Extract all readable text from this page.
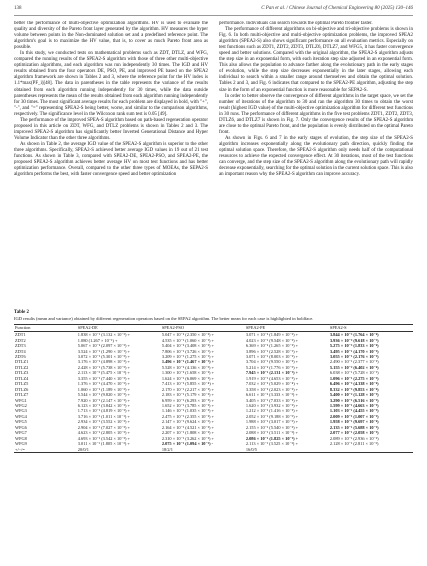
138	C Pan et al. / Chinese Journal of Chemical Engineering 80 (2025) 130–146

better the performance of multi-objective optimization algorithms. HV is used to evaluate the quality and diversity of the Pareto front layer generated by the algorithm. HV measures the hyper volume between points in the Non-dominated solution set and a predefined reference point. The algorithm's goal is to maximize the HV value, that is, to cover as much Pareto front area as possible.

In this study, we conducted tests on mathematical problems such as ZDT, DTLZ, and WFG, compared the running results of the SPEA2-S algorithm with those of three other multi-objective optimization algorithms, and each algorithm was run independently 30 times. The IGD and HV results obtained from the four operators DE, PSO, PE, and improved PE based on the SPEA2 algorithm framework are shown in Tables 2 and 3, where the reference point for the HV index is 1.1*max(PF_i)[48]. The data in parentheses in the table represents the variance of the results obtained from each algorithm running independently for 30 times, while the data outside parentheses represents the mean of the results obtained from each algorithm running independently for 30 times. The most significant average results for each problem are displayed in bold, with "+", "-", and "=" representing SPEA2-S being better, worse, and similar to the comparison algorithms, respectively. The significance level in the Wilcoxon rank sum test is 0.05 [49].

The performance of the improved SPEA-S algorithm based on path-based regeneration operator proposed in this article on ZDT, WFG, and DTLZ problems is shown in Tables 2 and 3. The improved SPEA2-S algorithm has significantly better Inverted Generational Distance and Hyper Volume Indicator than the other three algorithms.

As shown in Table 2, the average IGD value of the SPEA2-S algorithm is superior to the other three algorithms. Specifically, SPEA2-S achieved better average IGD values in 19 out of 21 test functions. As shown in Table 3, compared with SPEA2-DE, SPEA2-PSO, and SPEA2-PE, the proposed SPEA2-S algorithm achieves better average HV on most test functions and has better optimization performance. Overall, compared to the other three types of MOEAs, the SEPA2-S algorithm performs the best, with faster convergence speed and better optimization

performance. Individuals can search towards the optimal Pareto frontier faster.

The performance of different algorithms on bi-objective and tri-objective problems is shown in Fig. 6. In both multi-objective and multi-objective optimization problems, the improved SPEA2 algorithm (SPEA2-S) also shows significant performance on all evaluation metrics. Especially on test functions such as ZDT1, ZDT2, ZDT3, DTLZ6, DTLZ7, and WFG5, it has faster convergence speed and better solutions. Compared with the original algorithm, the SPEA2-S algorithm adjusts the step size in an exponential form, with each iteration step size adjusted in an exponential form. This also allows the population to advance farther along the evolutionary path in the early stages of evolution, while the step size decreases exponentially in the later stages, allowing each individual to search within a smaller range around themselves and obtain the optimal solution. Tables 2 and 3, and Fig. 6 indicates that compared to the SPEA2-PE algorithm, adjusting the step size in the form of an exponential function is more reasonable for SEPA2-S.

In order to better observe the convergence of different algorithms in the target space, we set the number of iterations of the algorithm to 30 and ran the algorithm 30 times to obtain the worst result (highest IGD value) of the multi-objective optimization algorithm for different test functions in 30 runs. The performance of different algorithms in the five test problems ZDT1, ZDT2, ZDT3, DTLZ6, and DTLZ7 is shown in Fig. 7. Only the convergence results of the SPEA2-S algorithm are close to the optimal Pareto front, and the population is evenly distributed on the optimal Pareto front.

As shown in Figs. 6 and 7 in the early stages of evolution, the step size of the SPEA2-S algorithm increases exponentially along the evolutionary path direction, quickly finding the optimal solution space. Therefore, the SPEA2-S algorithm only needs half of the computational resources to achieve the expected convergence effect. At 30 iterations, most of the test functions can converge, and the step size of the SPEA2-S algorithm along the evolutionary path will rapidly decrease exponentially, searching for the optimal solution in the current solution space. This is also an important reason why the SPEA2-S algorithm can improve accuracy.

Table 2
IGD results (mean and variance) obtained by different regeneration operators based on the SEPA2 algorithm. The better mean for each case is highlighted in boldface.
Function	SPEA2-DE	SPEA2-PSO	SPEA2-PE	SPEA2-S
ZDT1	1.838 × 10⁻¹ (3.132 × 10⁻²) +	5.047 × 10⁻² (2.350 × 10⁻²) +	3.071 × 10⁻² (1.849 × 10⁻²) +	3.844 × 10⁻³ (1.764 × 10⁻⁴)
ZDT2	1.080 (1.267 × 10⁻¹) +	4.535 × 10⁻¹ (1.060 × 10⁻¹) +	4.023 × 10⁻¹ (9.548 × 10⁻²) +	3.936 × 10⁻³ (9.618 × 10⁻⁵)
ZDT3	5.067 × 10⁻² (2.097 × 10⁻²) +	5.404 × 10⁻² (3.408 × 10⁻²) +	6.369 × 10⁻² (1.265 × 10⁻²) +	5.275 × 10⁻³ (1.833 × 10⁻⁴)
ZDT4	3.524 × 10⁻¹ (1.290 × 10⁻¹) +	7.806 × 10⁻¹ (3.726 × 10⁻¹) +	3.896 × 10⁻¹ (2.528 × 10⁻¹) +	3.495 × 10⁻¹ (4.170 × 10⁻²)
ZDT6	3.072 × 10⁻¹ (5.301 × 10⁻²) +	3.209 × 10⁻¹ (1.275 × 10⁻¹) +	3.071 × 10⁻¹ (8.003 × 10⁻²) +	3.055 × 10⁻¹ (2.176 × 10⁻²)
DTLZ1	3.176 × 10⁻¹ (4.898 × 10⁻²) +	1.496 × 10⁻¹ (1.467 × 10⁻¹) +	3.704 × 10⁻¹ (9.550 × 10⁻²) +	2.490 × 10⁻¹ (2.377 × 10⁻²)
DTLZ2	2.428 × 10⁻¹ (5.738 × 10⁻³) +	5.528 × 10⁻² (4.136 × 10⁻³) +	5.214 × 10⁻² (1.776 × 10⁻³) +	5.155 × 10⁻² (6.402 × 10⁻⁴)
DTLZ3	2.113 × 10⁻² (5.475 × 10⁻²) +	1.300 × 10⁻² (1.658 × 10⁻²) +	7.945 × 10⁻¹ (2.131 × 10⁻¹) +	6.038 × 10⁻¹ (5.728 × 10⁻¹)
DTLZ4	3.355 × 10⁻¹ (7.440 × 10⁻²) +	1.624 × 10⁻¹ (6.069 × 10⁻²) +	1.919 × 10⁻¹ (4.653 × 10⁻²) +	1.096 × 10⁻¹ (2.275 × 10⁻²)
DTLZ5	1.376 × 10⁻¹ (4.470 × 10⁻³) +	7.413 × 10⁻³ (5.855 × 10⁻⁴) +	7.032 × 10⁻³ (5.029 × 10⁻⁴) +	6.496 × 10⁻³ (4.338 × 10⁻⁴)
DTLZ6	1.060 × 10⁻¹ (1.189 × 10⁻²) +	2.170 × 10⁻¹ (2.217 × 10⁻²) +	3.358 × 10⁻² (2.023 × 10⁻²) +	8.332 × 10⁻³ (9.853 × 10⁻⁴)
DTLZ7	5.544 × 10⁻¹ (9.820 × 10⁻²) +	2.183 × 10⁻¹ (5.179 × 10⁻²) +	6.611 × 10⁻² (3.333 × 10⁻²) +	5.400 × 10⁻² (1.128 × 10⁻²)
WFG1	7.920 × 10⁻¹ (2.147 × 10⁻²) +	6.959 × 10⁻¹ (6.293 × 10⁻²) +	3.405 × 10⁻¹ (7.033 × 10⁻²) +	3.290 × 10⁻¹ (6.516 × 10⁻²)
WFG2	6.123 × 10⁻¹ (3.842 × 10⁻²) +	1.652 × 10⁻¹ (3.785 × 10⁻²) +	1.620 × 10⁻¹ (3.932 × 10⁻²) +	1.599 × 10⁻¹ (4.663 × 10⁻²)
WFG3	1.713 × 10⁻¹ (4.819 × 10⁻²) +	1.146 × 10⁻¹ (1.035 × 10⁻²) +	1.212 × 10⁻¹ (1.416 × 10⁻²) +	1.103 × 10⁻¹ (4.455 × 10⁻³)
WFG4	3.716 × 10⁻¹ (1.011 × 10⁻¹) +	2.475 × 10⁻¹ (2.355 × 10⁻²) +	2.052 × 10⁻¹ (9.188 × 10⁻³) +	2.009 × 10⁻¹ (1.007 × 10⁻²)
WFG5	2.934 × 10⁻¹ (3.552 × 10⁻²) +	2.147 × 10⁻¹ (9.624 × 10⁻³) +	1.988 × 10⁻¹ (3.017 × 10⁻³) +	1.958 × 10⁻¹ (9.697 × 10⁻⁴)
WFG6	2.904 × 10⁻¹ (7.027 × 10⁻²) +	2.164 × 10⁻¹ (4.521 × 10⁻²) +	2.155 × 10⁻¹ (5.540 × 10⁻²) +	2.135 × 10⁻¹ (5.688 × 10⁻²)
WFG7	4.623 × 10⁻¹ (2.805 × 10⁻²) +	2.207 × 10⁻¹ (1.808 × 10⁻²) +	2.088 × 10⁻¹ (3.511 × 10⁻³) +	2.077 × 10⁻¹ (2.058 × 10⁻³)
WFG8	4.693 × 10⁻¹ (3.542 × 10⁻²) +	2.310 × 10⁻¹ (3.262 × 10⁻²) +	2.086 × 10⁻¹ (1.825 × 10⁻²) +	2.089 × 10⁻¹ (2.936 × 10⁻³)
WFG9	3.011 × 10⁻¹ (1.805 × 10⁻²) +	2.075 × 10⁻¹ (1.094 × 10⁻²) -	2.113 × 10⁻¹ (3.525 × 10⁻²) +	2.128 × 10⁻¹ (2.811 × 10⁻²)
+/−/=	20/0/1	18/2/1	16/0/5	
